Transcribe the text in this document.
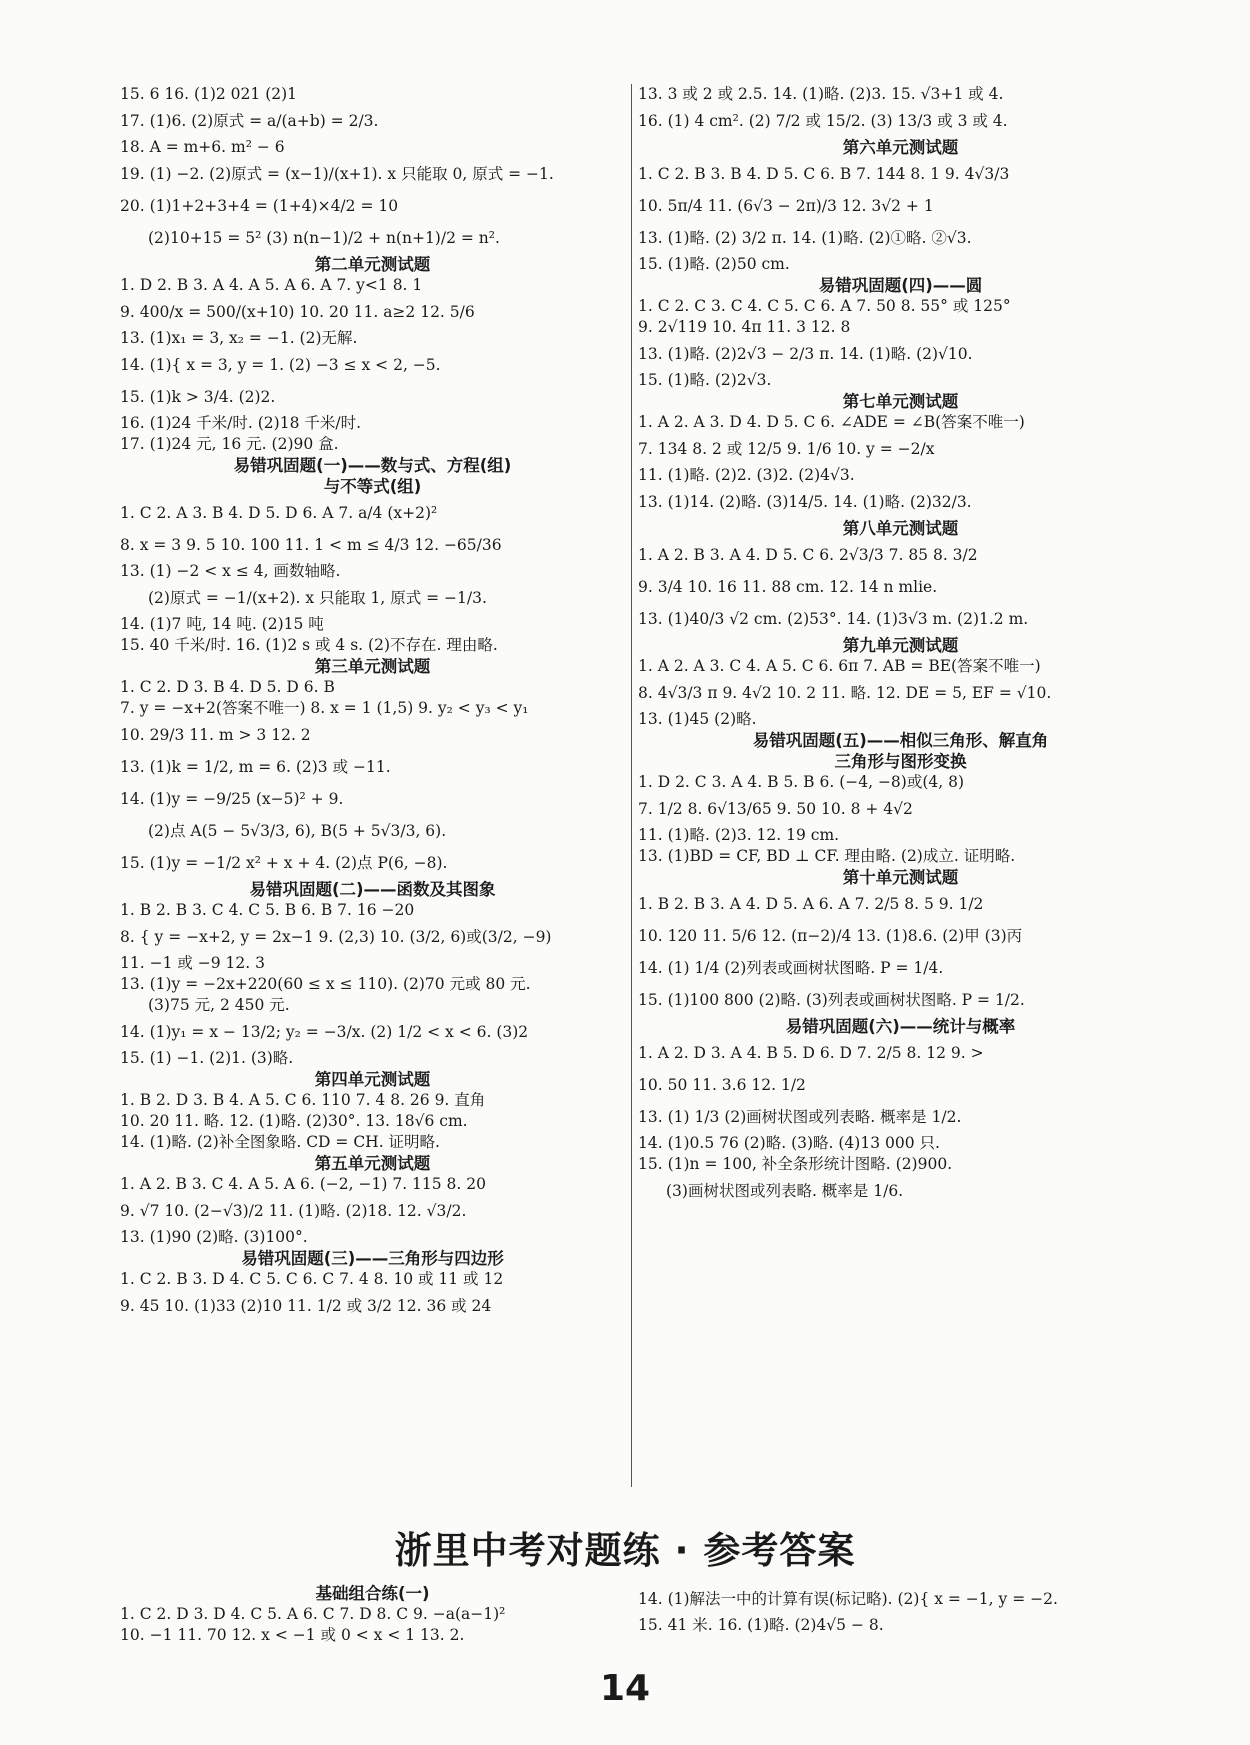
15. 6 16. (1)2 021 (2)1
17. (1)6. (2)原式 = a/(a+b) = 2/3.
18. A = m+6. m² − 6
19. (1) −2. (2)原式 = (x−1)/(x+1). x 只能取 0, 原式 = −1.
20. (1)1+2+3+4 = (1+4)×4/2 = 10
(2)10+15 = 5² (3) n(n−1)/2 + n(n+1)/2 = n².
第二单元测试题
1. D 2. B 3. A 4. A 5. A 6. A 7. y<1 8. 1
9. 400/x = 500/(x+10) 10. 20 11. a≥2 12. 5/6
13. (1)x₁ = 3, x₂ = −1. (2)无解.
14. (1){ x = 3, y = 1. (2) −3 ≤ x < 2, −5.
15. (1)k > 3/4. (2)2.
16. (1)24 千米/时. (2)18 千米/时.
17. (1)24 元, 16 元. (2)90 盒.
易错巩固题(一)——数与式、方程(组)
与不等式(组)
1. C 2. A 3. B 4. D 5. D 6. A 7. a/4 (x+2)²
8. x = 3 9. 5 10. 100 11. 1 < m ≤ 4/3 12. −65/36
13. (1) −2 < x ≤ 4, 画数轴略.
(2)原式 = −1/(x+2). x 只能取 1, 原式 = −1/3.
14. (1)7 吨, 14 吨. (2)15 吨
15. 40 千米/时. 16. (1)2 s 或 4 s. (2)不存在. 理由略.
第三单元测试题
1. C 2. D 3. B 4. D 5. D 6. B
7. y = −x+2(答案不唯一) 8. x = 1 (1,5) 9. y₂ < y₃ < y₁
10. 29/3 11. m > 3 12. 2
13. (1)k = 1/2, m = 6. (2)3 或 −11.
14. (1)y = −9/25 (x−5)² + 9.
(2)点 A(5 − 5√3/3, 6), B(5 + 5√3/3, 6).
15. (1)y = −1/2 x² + x + 4. (2)点 P(6, −8).
易错巩固题(二)——函数及其图象
1. B 2. B 3. C 4. C 5. B 6. B 7. 16 −20
8. { y = −x+2, y = 2x−1 9. (2,3) 10. (3/2, 6)或(3/2, −9)
11. −1 或 −9 12. 3
13. (1)y = −2x+220(60 ≤ x ≤ 110). (2)70 元或 80 元.
(3)75 元, 2 450 元.
14. (1)y₁ = x − 13/2; y₂ = −3/x. (2) 1/2 < x < 6. (3)2
15. (1) −1. (2)1. (3)略.
第四单元测试题
1. B 2. D 3. B 4. A 5. C 6. 110 7. 4 8. 26 9. 直角
10. 20 11. 略. 12. (1)略. (2)30°. 13. 18√6 cm.
14. (1)略. (2)补全图象略. CD = CH. 证明略.
第五单元测试题
1. A 2. B 3. C 4. A 5. A 6. (−2, −1) 7. 115 8. 20
9. √7 10. (2−√3)/2 11. (1)略. (2)18. 12. √3/2.
13. (1)90 (2)略. (3)100°.
易错巩固题(三)——三角形与四边形
1. C 2. B 3. D 4. C 5. C 6. C 7. 4 8. 10 或 11 或 12
9. 45 10. (1)33 (2)10 11. 1/2 或 3/2 12. 36 或 24
13. 3 或 2 或 2.5. 14. (1)略. (2)3. 15. √3+1 或 4.
16. (1) 4 cm². (2) 7/2 或 15/2. (3) 13/3 或 3 或 4.
第六单元测试题
1. C 2. B 3. B 4. D 5. C 6. B 7. 144 8. 1 9. 4√3/3
10. 5π/4 11. (6√3 − 2π)/3 12. 3√2 + 1
13. (1)略. (2) 3/2 π. 14. (1)略. (2)①略. ②√3.
15. (1)略. (2)50 cm.
易错巩固题(四)——圆
1. C 2. C 3. C 4. C 5. C 6. A 7. 50 8. 55° 或 125°
9. 2√119 10. 4π 11. 3 12. 8
13. (1)略. (2)2√3 − 2/3 π. 14. (1)略. (2)√10.
15. (1)略. (2)2√3.
第七单元测试题
1. A 2. A 3. D 4. D 5. C 6. ∠ADE = ∠B(答案不唯一)
7. 134 8. 2 或 12/5 9. 1/6 10. y = −2/x
11. (1)略. (2)2. (3)2. (2)4√3.
13. (1)14. (2)略. (3)14/5. 14. (1)略. (2)32/3.
第八单元测试题
1. A 2. B 3. A 4. D 5. C 6. 2√3/3 7. 85 8. 3/2
9. 3/4 10. 16 11. 88 cm. 12. 14 n mlie.
13. (1)40/3 √2 cm. (2)53°. 14. (1)3√3 m. (2)1.2 m.
第九单元测试题
1. A 2. A 3. C 4. A 5. C 6. 6π 7. AB = BE(答案不唯一)
8. 4√3/3 π 9. 4√2 10. 2 11. 略. 12. DE = 5, EF = √10.
13. (1)45 (2)略.
易错巩固题(五)——相似三角形、解直角
三角形与图形变换
1. D 2. C 3. A 4. B 5. B 6. (−4, −8)或(4, 8)
7. 1/2 8. 6√13/65 9. 50 10. 8 + 4√2
11. (1)略. (2)3. 12. 19 cm.
13. (1)BD = CF, BD ⊥ CF. 理由略. (2)成立. 证明略.
第十单元测试题
1. B 2. B 3. A 4. D 5. A 6. A 7. 2/5 8. 5 9. 1/2
10. 120 11. 5/6 12. (π−2)/4 13. (1)8.6. (2)甲 (3)丙
14. (1) 1/4 (2)列表或画树状图略. P = 1/4.
15. (1)100 800 (2)略. (3)列表或画树状图略. P = 1/2.
易错巩固题(六)——统计与概率
1. A 2. D 3. A 4. B 5. D 6. D 7. 2/5 8. 12 9. >
10. 50 11. 3.6 12. 1/2
13. (1) 1/3 (2)画树状图或列表略. 概率是 1/2.
14. (1)0.5 76 (2)略. (3)略. (4)13 000 只.
15. (1)n = 100, 补全条形统计图略. (2)900.
(3)画树状图或列表略. 概率是 1/6.
浙里中考对题练 · 参考答案
基础组合练(一)
1. C 2. D 3. D 4. C 5. A 6. C 7. D 8. C 9. −a(a−1)²
10. −1 11. 70 12. x < −1 或 0 < x < 1 13. 2.
14. (1)解法一中的计算有误(标记略). (2){ x = −1, y = −2.
15. 41 米. 16. (1)略. (2)4√5 − 8.
14
